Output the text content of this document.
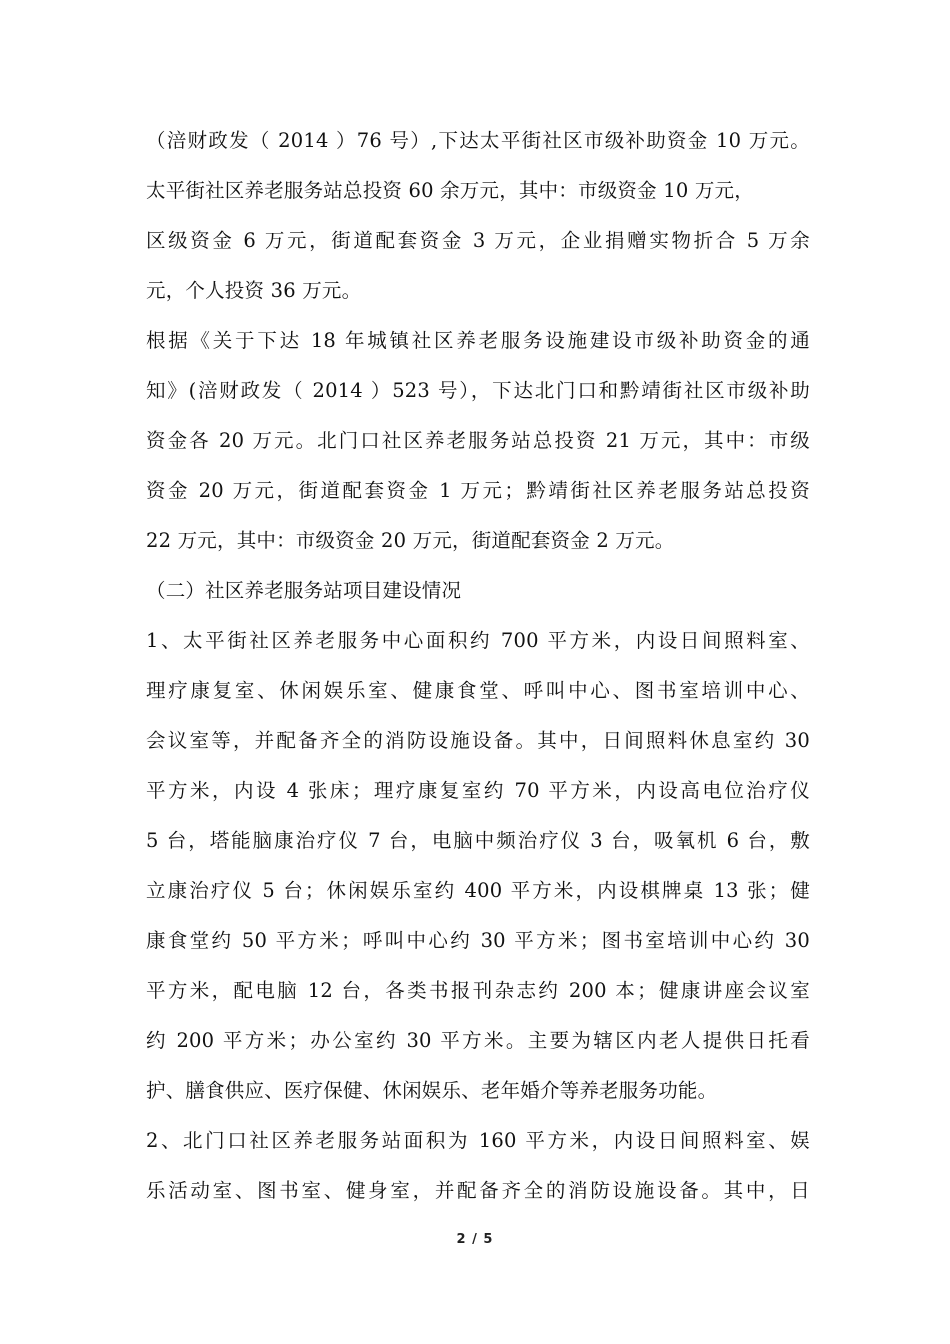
（涪财政发（ 2014 ）76 号）,下达太平街社区市级补助资金 10 万元。
太平街社区养老服务站总投资 60 余万元，其中：市级资金 10 万元，
区级资金 6 万元，街道配套资金 3 万元，企业捐赠实物折合 5 万余
元，个人投资 36 万元。
根据《关于下达 18 年城镇社区养老服务设施建设市级补助资金的通
知》(涪财政发（ 2014 ）523 号），下达北门口和黔靖街社区市级补助
资金各 20 万元。北门口社区养老服务站总投资 21 万元，其中：市级
资金 20 万元，街道配套资金 1 万元；黔靖街社区养老服务站总投资
22 万元，其中：市级资金 20 万元，街道配套资金 2 万元。
（二）社区养老服务站项目建设情况
1、太平街社区养老服务中心面积约 700 平方米，内设日间照料室、
理疗康复室、休闲娱乐室、健康食堂、呼叫中心、图书室培训中心、
会议室等，并配备齐全的消防设施设备。其中，日间照料休息室约 30
平方米，内设 4 张床；理疗康复室约 70 平方米，内设高电位治疗仪
5 台，塔能脑康治疗仪 7 台，电脑中频治疗仪 3 台，吸氧机 6 台，敷
立康治疗仪 5 台；休闲娱乐室约 400 平方米，内设棋牌桌 13 张；健
康食堂约 50 平方米；呼叫中心约 30 平方米；图书室培训中心约 30
平方米，配电脑 12 台，各类书报刊杂志约 200 本；健康讲座会议室
约 200 平方米；办公室约 30 平方米。主要为辖区内老人提供日托看
护、膳食供应、医疗保健、休闲娱乐、老年婚介等养老服务功能。
2、北门口社区养老服务站面积为 160 平方米，内设日间照料室、娱
乐活动室、图书室、健身室，并配备齐全的消防设施设备。其中，日
2 / 5
